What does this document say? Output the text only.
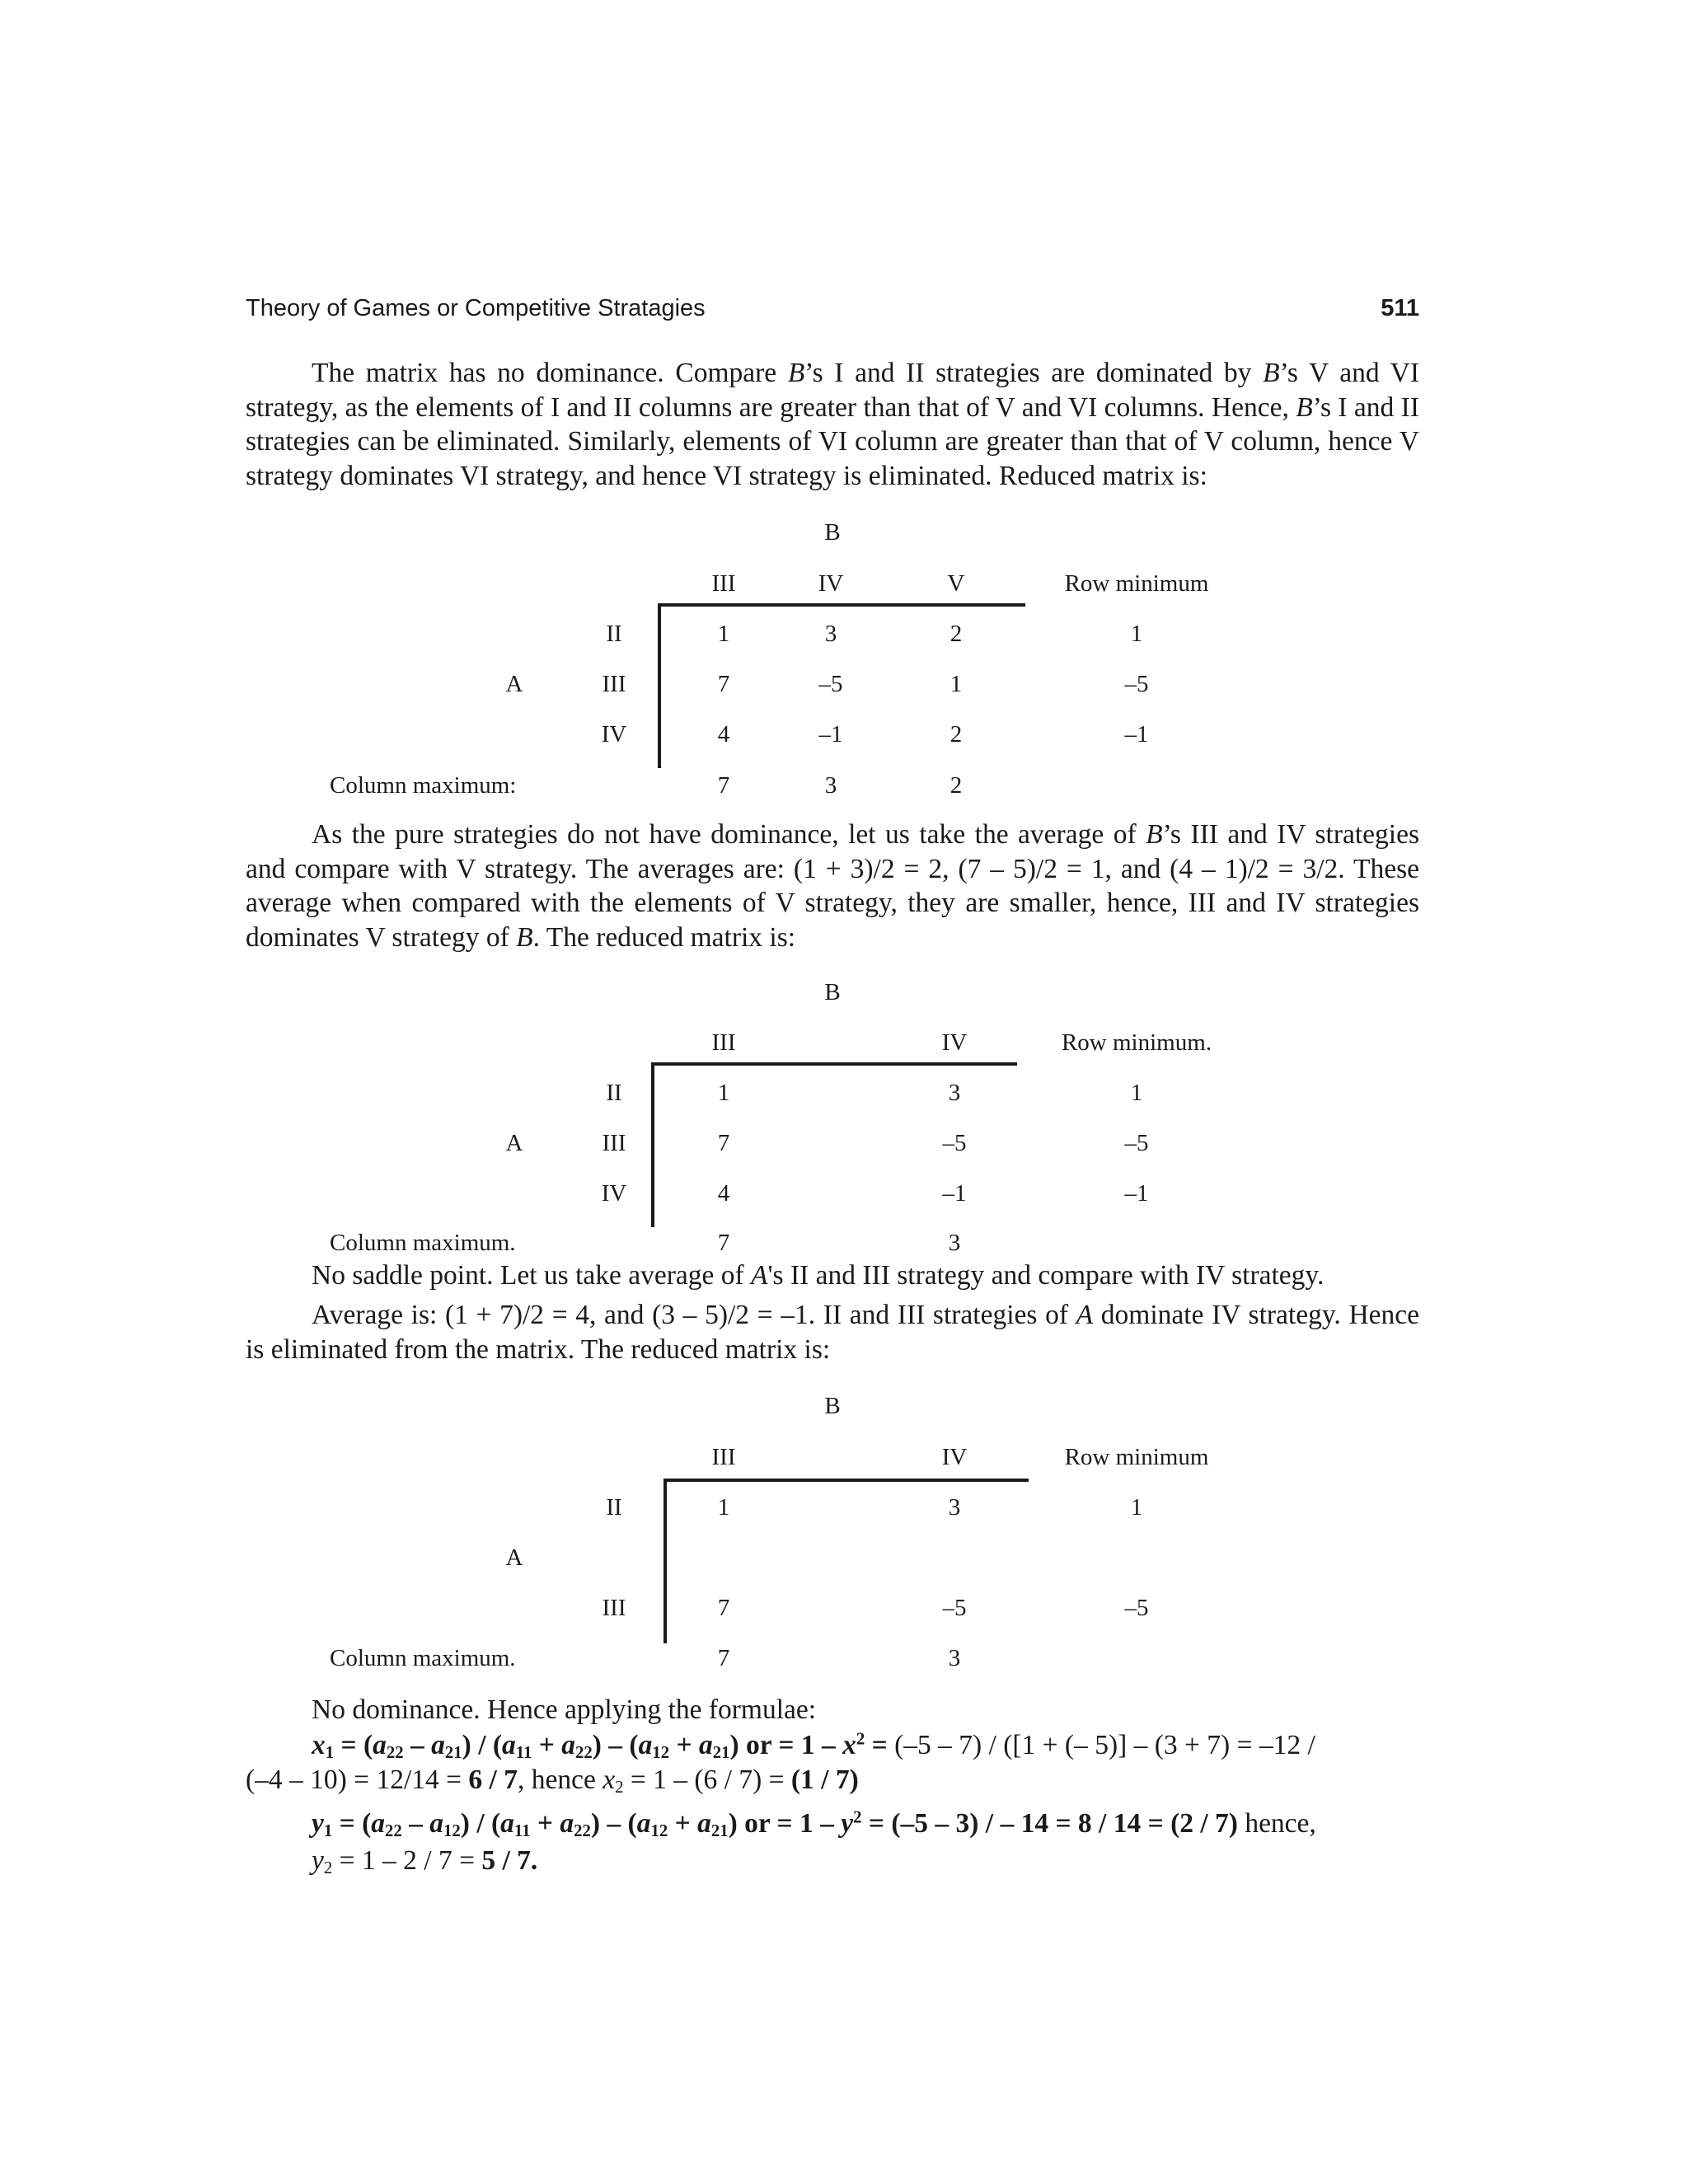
Theory of Games or Competitive Stratagies	511

The matrix has no dominance. Compare B’s I and II strategies are dominated by B’s V and VI strategy, as the elements of I and II columns are greater than that of V and VI columns. Hence, B’s I and II strategies can be eliminated. Similarly, elements of VI column are greater than that of V column, hence V strategy dominates VI strategy, and hence VI strategy is eliminated. Reduced matrix is:

B
III	IV	V	Row minimum
II	1	3	2	1
A	III	7	–5	1	–5
IV	4	–1	2	–1
Column maximum:	7	3	2

As the pure strategies do not have dominance, let us take the average of B’s III and IV strategies and compare with V strategy. The averages are: (1 + 3)/2 = 2, (7 – 5)/2 = 1, and (4 – 1)/2 = 3/2. These average when compared with the elements of V strategy, they are smaller, hence, III and IV strategies dominates V strategy of B. The reduced matrix is:

B
III	IV	Row minimum.
II	1	3	1
A	III	7	–5	–5
IV	4	–1	–1
Column maximum.	7	3
No saddle point. Let us take average of A's II and III strategy and compare with IV strategy.

Average is: (1 + 7)/2 = 4, and (3 – 5)/2 = –1. II and III strategies of A dominate IV strategy. Hence is eliminated from the matrix. The reduced matrix is:

B
III	IV	Row minimum
II	1	3	1
A
III	7	–5	–5
Column maximum.	7	3
No dominance. Hence applying the formulae:
$x_1 = (a_{22} - a_{21}) / (a_{11} + a_{22}) - (a_{12} + a_{21})$ or = $1 - x^2 = (-5 - 7) / ([1$ + (– 5)] – (3 + 7) = –12 /
(–4 – 10) = 12/14 = 6 / 7, hence $x_2 = 1 - (6 / 7) = (1 / 7)$
$y_1 = (a_{22} - a_{12}) / (a_{11} + a_{22}) - (a_{12} + a_{21})$ or = $1 - y^2 = (-5 - 3)$ / – 14 = 8 / 14 = (2 / 7) hence,
$y_2 = 1 - 2 / 7 = 5 / 7$.
